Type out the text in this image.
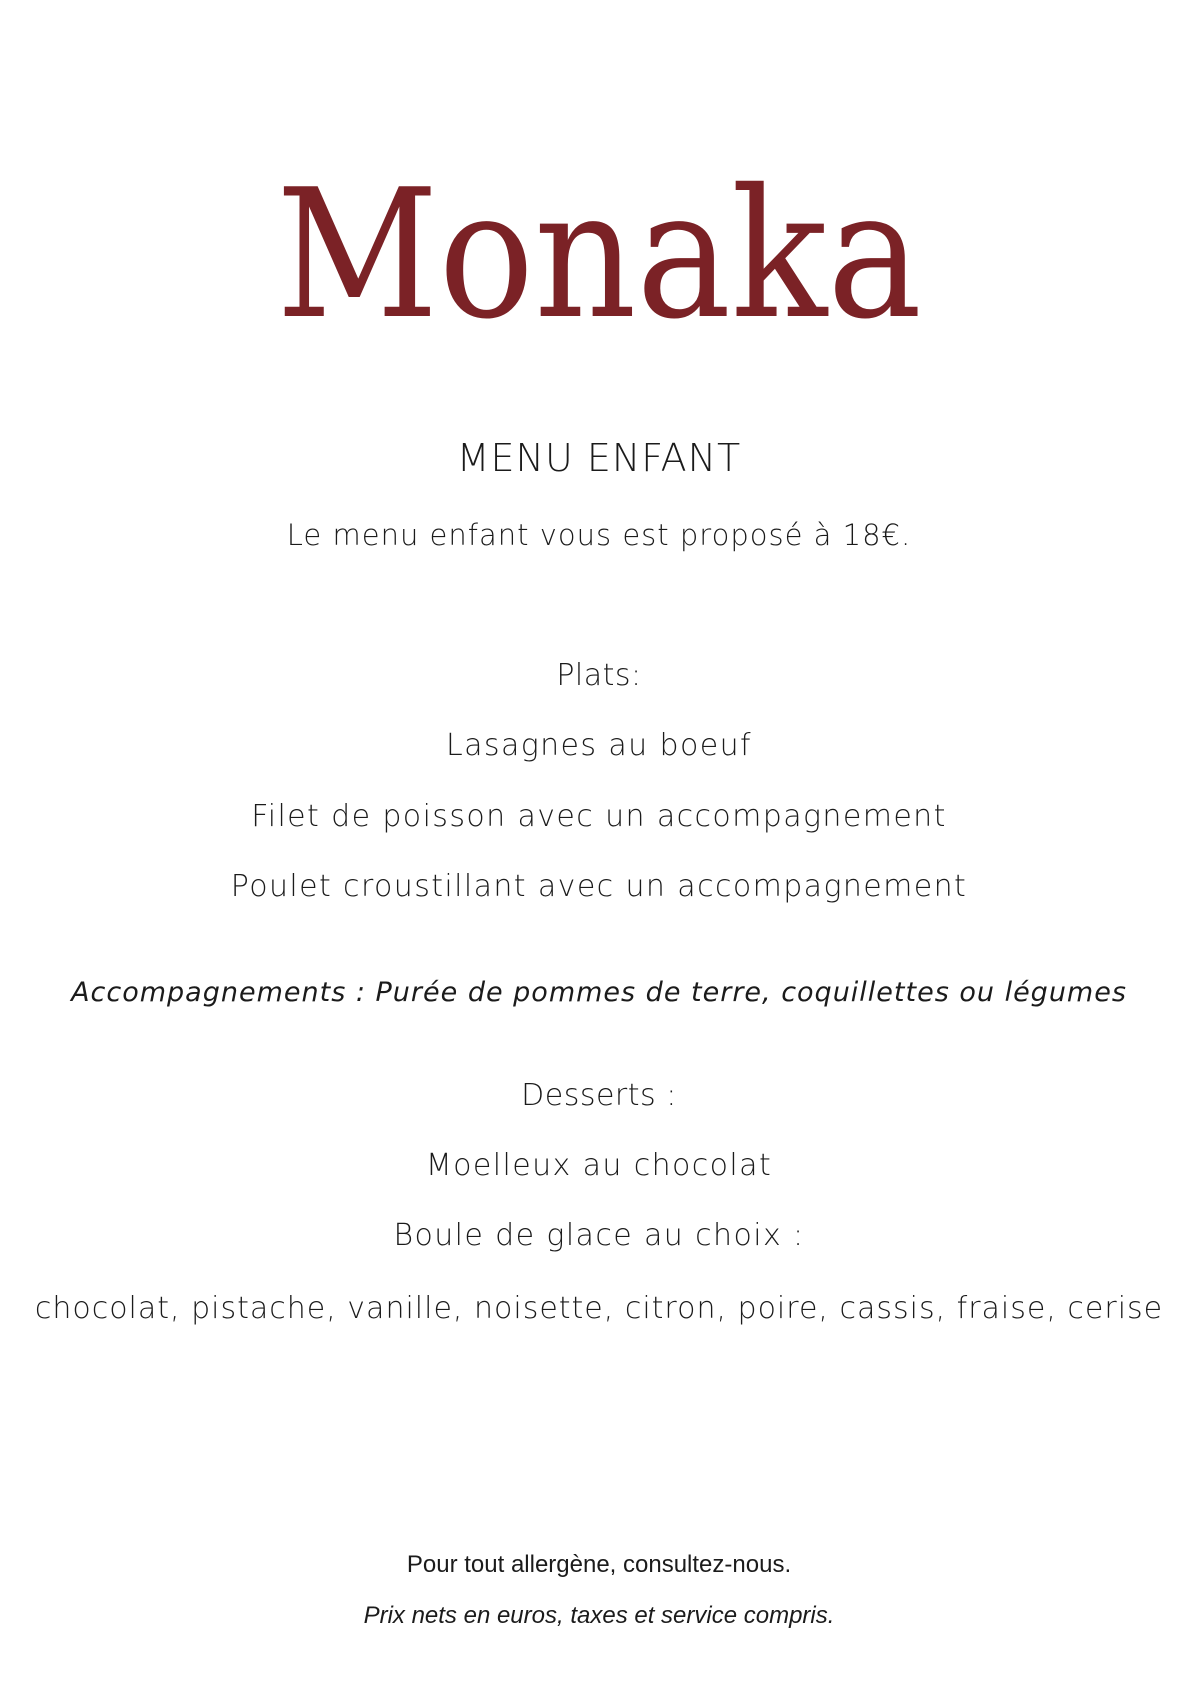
Monaka
MENU ENFANT
Le menu enfant vous est proposé à 18€.
Plats:
Lasagnes au boeuf
Filet de poisson avec un accompagnement
Poulet croustillant avec un accompagnement
Accompagnements : Purée de pommes de terre, coquillettes ou légumes
Desserts :
Moelleux au chocolat
Boule de glace au choix :
chocolat, pistache, vanille, noisette, citron, poire, cassis, fraise, cerise
Pour tout allergène, consultez-nous.
Prix nets en euros, taxes et service compris.
